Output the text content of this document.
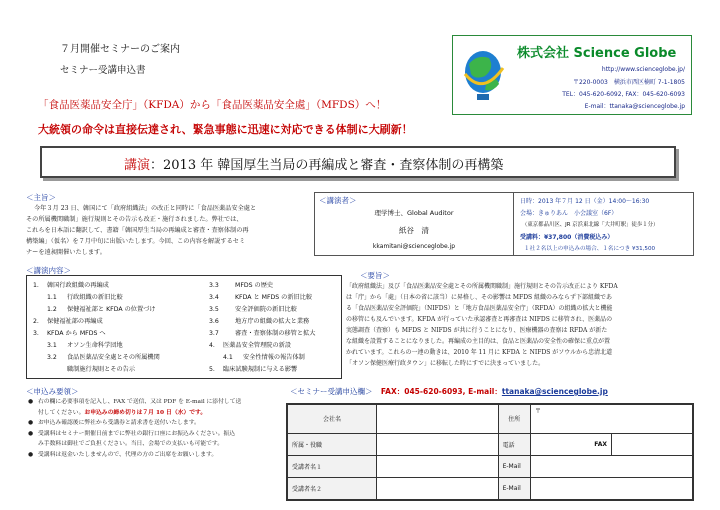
７月開催セミナーのご案内
セミナー受講申込書
株式会社 Science Globe
http://www.scienceglobe.jp/
〒220-0003　横浜市西区楠町 7-1-1805
TEL：045-620-6092, FAX：045-620-6093
E-mail：ttanaka@scienceglobe.jp
「食品医薬品安全庁」（KFDA）から「食品医薬品安全處」（MFDS）へ！
大統領の命令は直接伝達され、緊急事態に迅速に対応できる体制に大刷新！
講演：2013 年 韓国厚生当局の再編成と審査・査察体制の再構築
＜主旨＞
今年３月 23 日、韓国にて「政府組織法」の改正と同時に「食品医薬品安全處と
その所属機関職制」施行規則とその告示も改正・施行されました。弊社では、
これらを日本語に翻訳して、書籍「韓国厚生当局の再編成と審査・査察体制の再
構築編」（仮名）を７月中旬に出版いたします。今回、この内容を解説するセミ
ナーを遠昶開催いたします。
＜講演者＞
理学博士、Global Auditor
紙谷　清
kkamitani@scienceglobe.jp
日時：2013 年７月 12 日（金）14:00〜16:30
会場：きゅりあん　小会議室（6F）
（東京都品川区、JR 京浜東北線「大井町駅」徒歩１分）
受講料：¥37,800（消費税込み）
１社２名以上の申込みの場合、１名につき ¥31,500
＜講演内容＞
1. 韓国行政組織の再編成
1.1 行政組織の新旧比較
1.2 保健福祉部と KFDA の位置づけ
2. 保健福祉部の再編成
3. KFDA から MFDS へ
3.1 オソン生命科学団地
3.2 食品医薬品安全處とその所属機関
職制施行規則とその告示
3.3	MFDS の歴史
3.4	KFDA と MFDS の新旧比較
3.5	安全評価院の新旧比較
3.6	地方庁の組織の拡大と業務
3.7	審査・査察体制の移管と拡大
4. 医薬品安全管理院の新設
4.1 安全性情報の報告体制
5. 臨床試験規制に与える影響
＜要旨＞
「政府組織法」及び「食品医薬品安全處とその所属機関職制」施行規則とその告示改正により KFDA
は「庁」から「處」（日本の省に該当）に昇格し、その影響は MFDS 組織のみならず下部組織であ
る「食品医薬品安全評価院」（NIFDS）と「地方食品医薬品安全庁」（RFDA）の組織の拡大と機能
の移管にも及んでいます。KFDA が行っていた承認審査と再審査は NIFDS に移管され、医薬品の
実態調査（査察）も MFDS と NIFDS が共に行うことになり、医療機器の査察は RFDA が新た
な組織を設置することになりました。再編成の主目的は、食品と医薬品の安全性の確保に重点が置
かれています。これらの一連の動きは、2010 年 11 月に KFDA と NIFDS がソウルから忠清北道
「オソン保健医療行政タウン」に移転した時にすでに決まっていました。
＜申込み要領＞
● 右の欄に必要事項を記入し、FAX で送信、又は PDF を E-mail に添付して送
付してください。お申込みの締め切りは７月 10 日（水）です。
● お申込み確認後に弊社から受講券と請求書を送付いたします。
● 受講料はセミナー開催日前までに弊社の銀行口座にお振込みください。振込
み手数料は御社でご負担ください。当日、会場での支払いも可能です。
● 受講料は返金いたしませんので、代理の方のご出席をお願いします。
＜セミナー受講申込欄＞ FAX：045-620-6093, E-mail：ttanaka@scienceglobe.jp
会社名		住所	〒	
所属・役職		電話	FAX	

受講者名１		E-Mail		
受講者名２		E-Mail		
